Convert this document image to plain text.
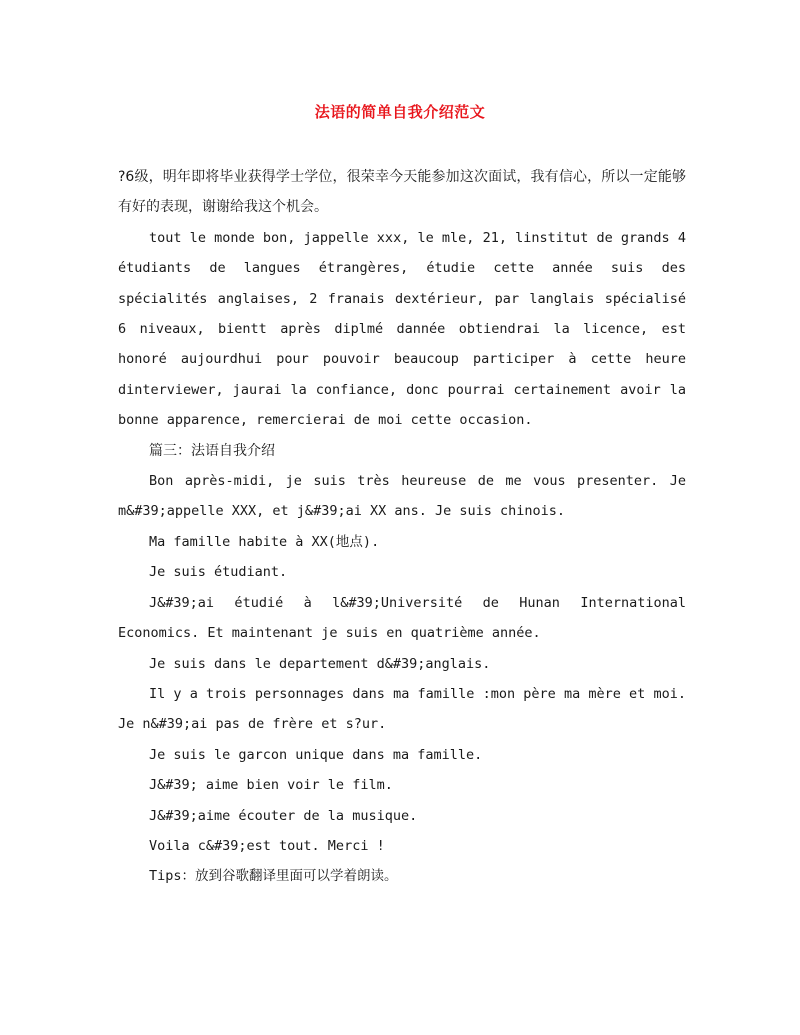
法语的简单自我介绍范文

?6级，明年即将毕业获得学士学位，很荣幸今天能参加这次面试，我有信心，所以一定能够有好的表现，谢谢给我这个机会。

tout le monde bon, jappelle xxx, le mle, 21, linstitut de grands 4 étudiants de langues étrangères, étudie cette année suis des spécialités anglaises, 2 franais dextérieur, par langlais spécialisé 6 niveaux, bientt après diplmé dannée obtiendrai la licence, est honoré aujourdhui pour pouvoir beaucoup participer à cette heure dinterviewer, jaurai la confiance, donc pourrai certainement avoir la bonne apparence, remercierai de moi cette occasion.

篇三：法语自我介绍

Bon après-midi, je suis très heureuse de me vous presenter. Je m&#39;appelle XXX, et j&#39;ai XX ans. Je suis chinois.

Ma famille habite à XX(地点).

Je suis étudiant.

J&#39;ai étudié à l&#39;Université de Hunan International Economics. Et maintenant je suis en quatrième année.

Je suis dans le departement d&#39;anglais.

Il y a trois personnages dans ma famille :mon père ma mère et moi. Je n&#39;ai pas de frère et s?ur.

Je suis le garcon unique dans ma famille.

J&#39; aime bien voir le film.

J&#39;aime écouter de la musique.

Voila c&#39;est tout. Merci !

Tips：放到谷歌翻译里面可以学着朗读。
